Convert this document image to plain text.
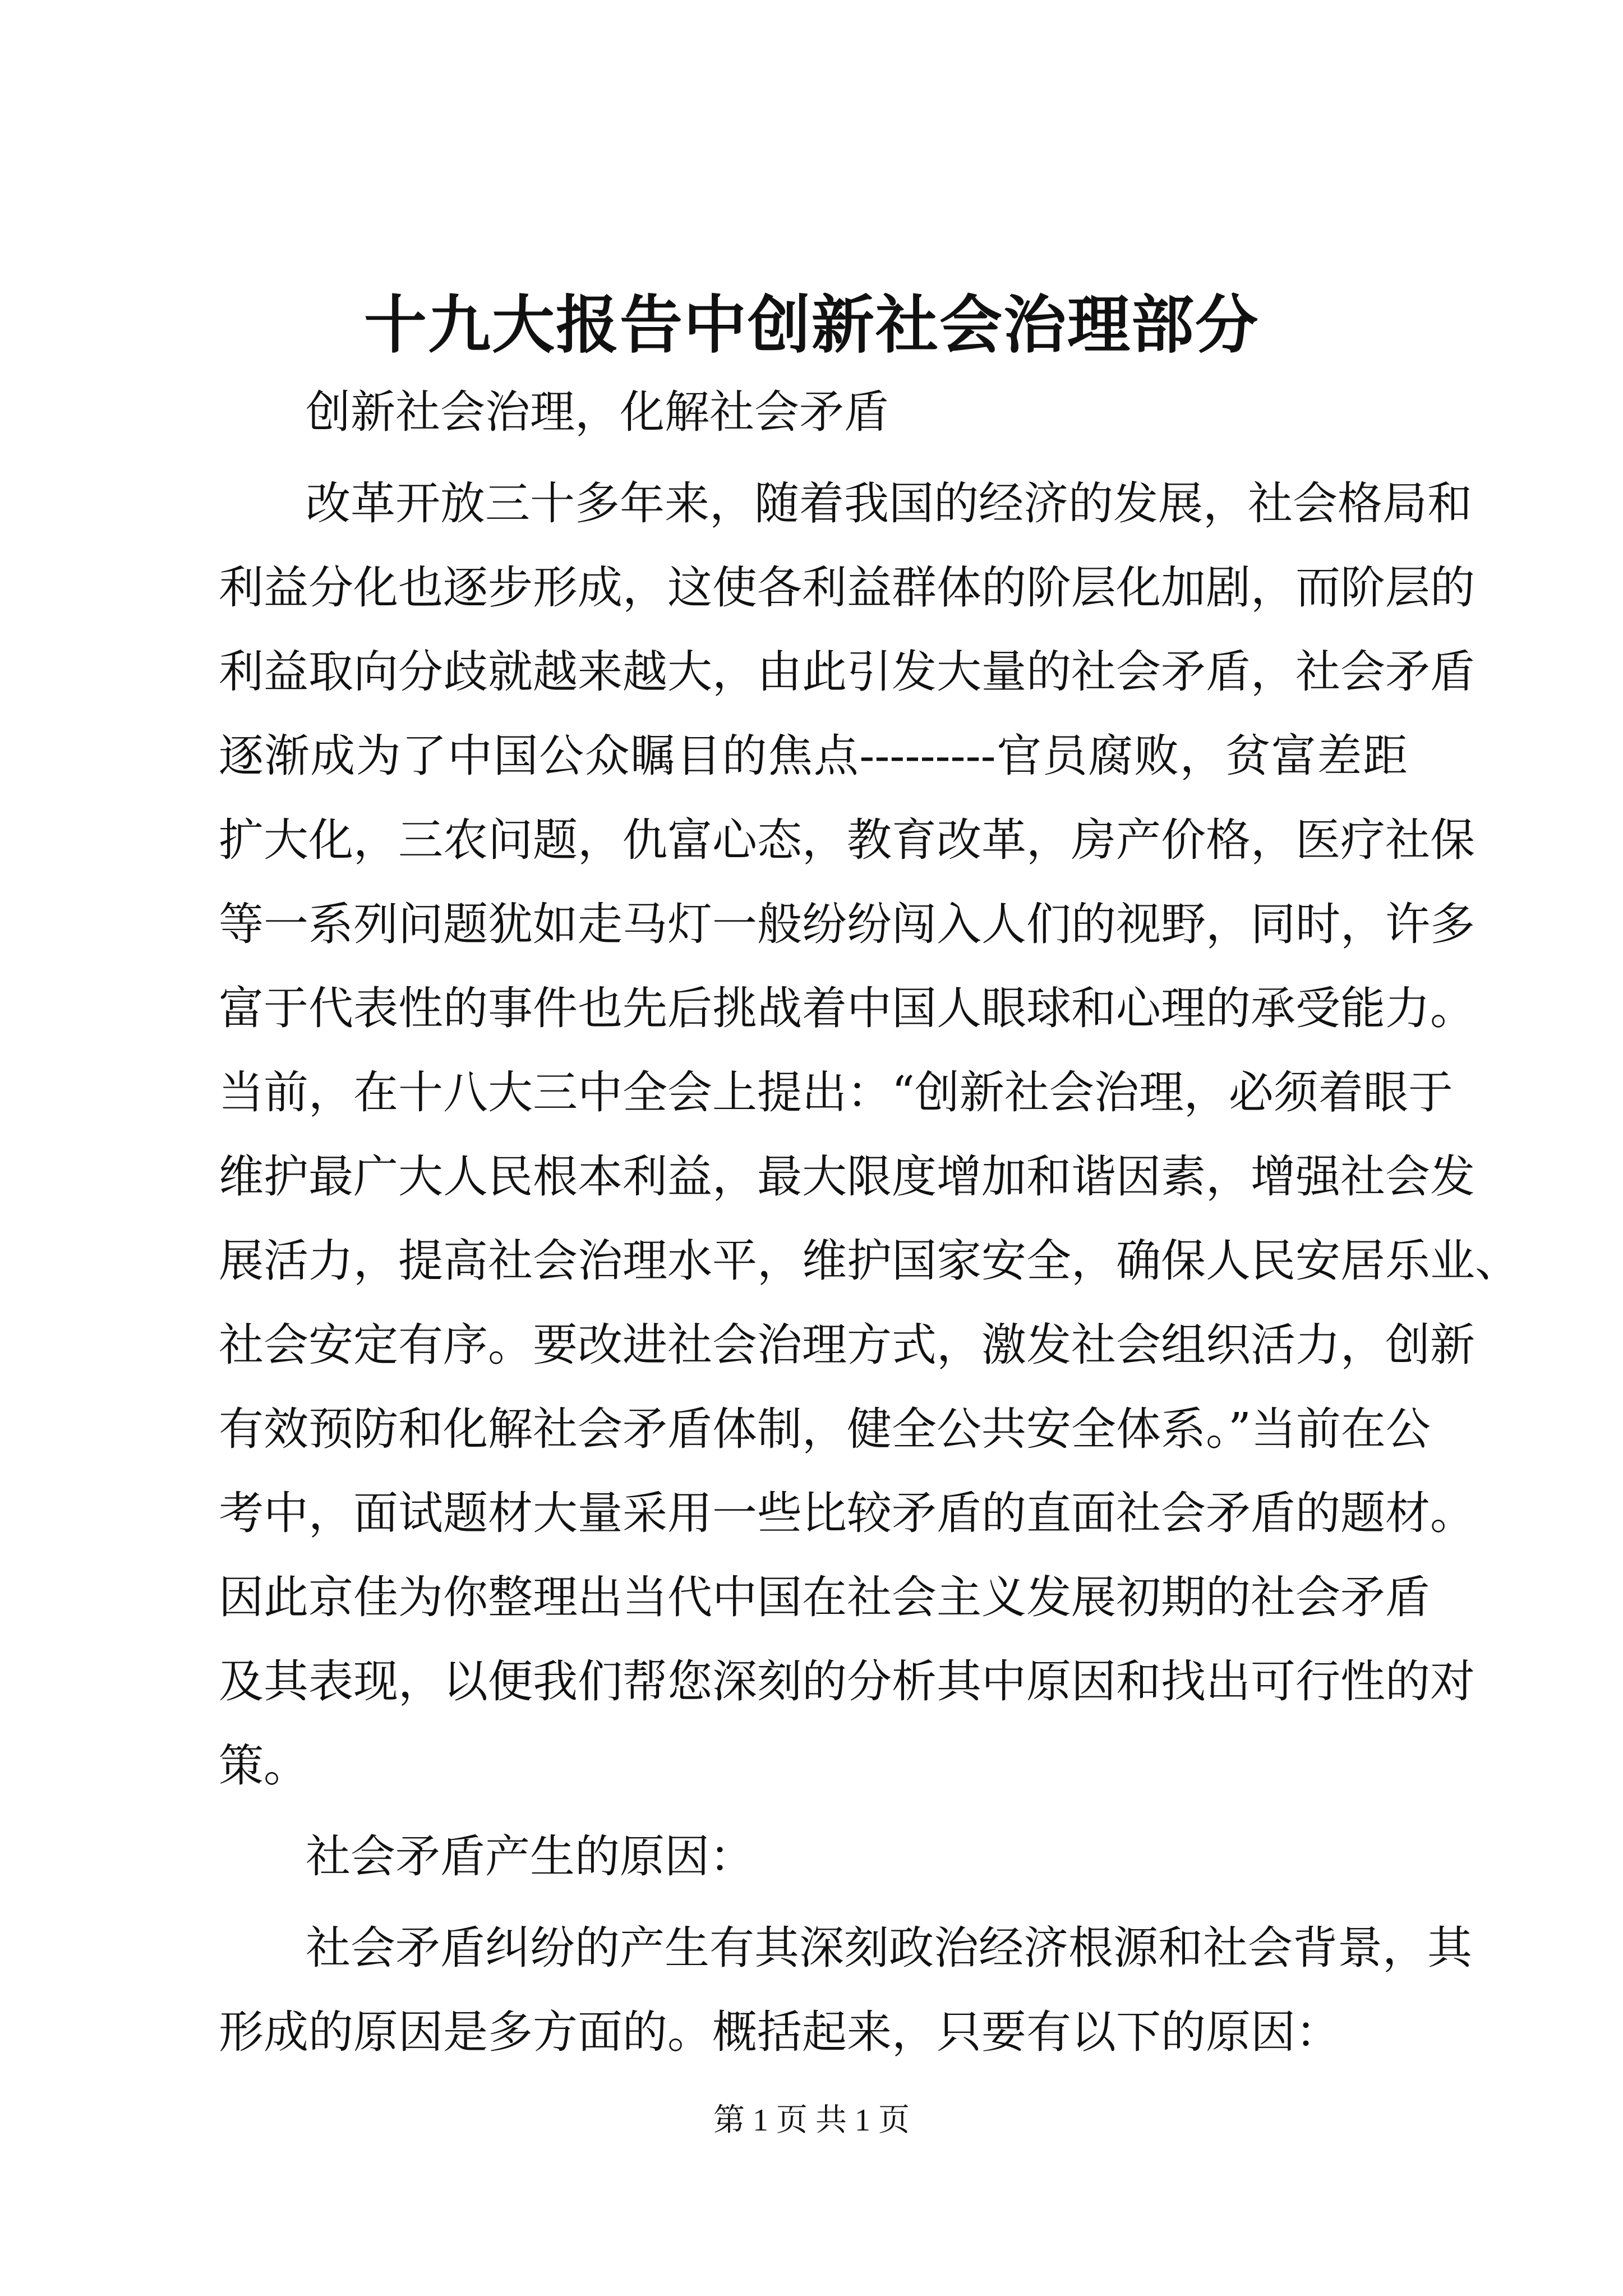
十九大报告中创新社会治理部分
创新社会治理，化解社会矛盾
改革开放三十多年来，随着我国的经济的发展，社会格局和
利益分化也逐步形成，这使各利益群体的阶层化加剧，而阶层的
利益取向分歧就越来越大，由此引发大量的社会矛盾，社会矛盾
逐渐成为了中国公众瞩目的焦点---------官员腐败，贫富差距
扩大化，三农问题，仇富心态，教育改革，房产价格，医疗社保
等一系列问题犹如走马灯一般纷纷闯入人们的视野，同时，许多
富于代表性的事件也先后挑战着中国人眼球和心理的承受能力。
当前，在十八大三中全会上提出：“创新社会治理，必须着眼于
维护最广大人民根本利益，最大限度增加和谐因素，增强社会发
展活力，提高社会治理水平，维护国家安全，确保人民安居乐业、
社会安定有序。要改进社会治理方式，激发社会组织活力，创新
有效预防和化解社会矛盾体制，健全公共安全体系。”当前在公
考中，面试题材大量采用一些比较矛盾的直面社会矛盾的题材。
因此京佳为你整理出当代中国在社会主义发展初期的社会矛盾
及其表现，以便我们帮您深刻的分析其中原因和找出可行性的对
策。
社会矛盾产生的原因：
社会矛盾纠纷的产生有其深刻政治经济根源和社会背景，其
形成的原因是多方面的。概括起来，只要有以下的原因：
第 1 页 共 1 页
